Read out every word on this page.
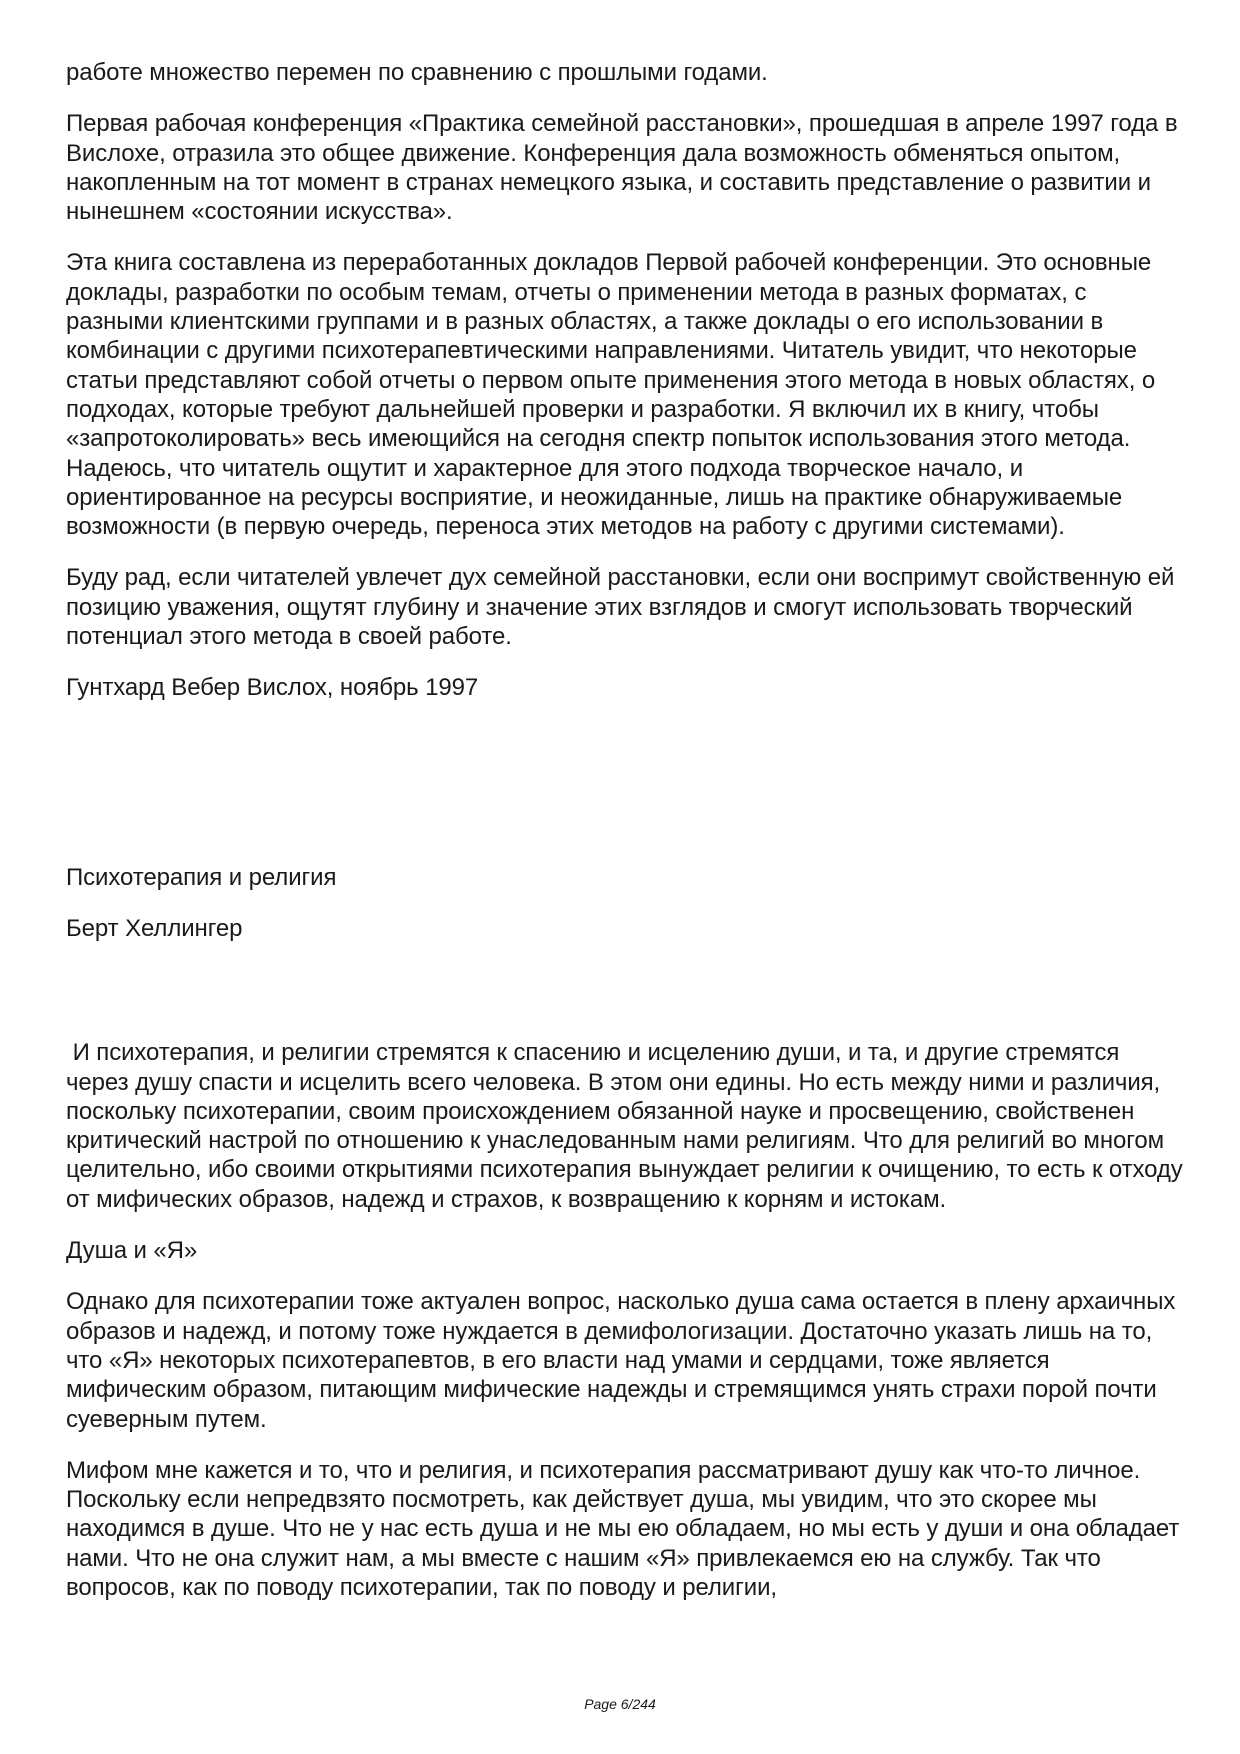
работе множество перемен по сравнению с прошлыми годами.

Первая рабочая конференция «Практика семейной расстановки», прошедшая в апреле 1997 года в Вислохе, отразила это общее движение. Конференция дала возможность обменяться опытом, накопленным на тот момент в странах немецкого языка, и составить представление о развитии и нынешнем «состоянии искусства».

Эта книга составлена из переработанных докладов Первой рабочей конференции. Это основные доклады, разработки по особым темам, отчеты о применении метода в разных форматах, с разными клиентскими группами и в разных областях, а также доклады о его использовании в комбинации с другими психотерапевтическими направлениями. Читатель увидит, что некоторые статьи представляют собой отчеты о первом опыте применения этого метода в новых областях, о подходах, которые требуют дальнейшей проверки и разработки. Я включил их в книгу, чтобы «запротоколировать» весь имеющийся на сегодня спектр попыток использования этого метода. Надеюсь, что читатель ощутит и характерное для этого подхода творческое начало, и ориентированное на ресурсы восприятие, и неожиданные, лишь на практике обнаруживаемые возможности (в первую очередь, переноса этих методов на работу с другими системами).

Буду рад, если читателей увлечет дух семейной расстановки, если они воспримут свойственную ей позицию уважения, ощутят глубину и значение этих взглядов и смогут использовать творческий потенциал этого метода в своей работе.

Гунтхард Вебер Вислох, ноябрь 1997

Психотерапия и религия

Берт Хеллингер

И психотерапия, и религии стремятся к спасению и исцелению души, и та, и другие стремятся через душу спасти и исцелить всего человека. В этом они едины. Но есть между ними и различия, поскольку психотерапии, своим происхождением обязанной науке и просвещению, свойственен критический настрой по отношению к унаследованным нами религиям. Что для религий во многом целительно, ибо своими открытиями психотерапия вынуждает религии к очищению, то есть к отходу от мифических образов, надежд и страхов, к возвращению к корням и истокам.

Душа и «Я»

Однако для психотерапии тоже актуален вопрос, насколько душа сама остается в плену архаичных образов и надежд, и потому тоже нуждается в демифологизации. Достаточно указать лишь на то, что «Я» некоторых психотерапевтов, в его власти над умами и сердцами, тоже является мифическим образом, питающим мифические надежды и стремящимся унять страхи порой почти суеверным путем.

Мифом мне кажется и то, что и религия, и психотерапия рассматривают душу как что-то личное. Поскольку если непредвзято посмотреть, как действует душа, мы увидим, что это скорее мы находимся в душе. Что не у нас есть душа и не мы ею обладаем, но мы есть у души и она обладает нами. Что не она служит нам, а мы вместе с нашим «Я» привлекаемся ею на службу. Так что вопросов, как по поводу психотерапии, так по поводу и религии,

Page 6/244
